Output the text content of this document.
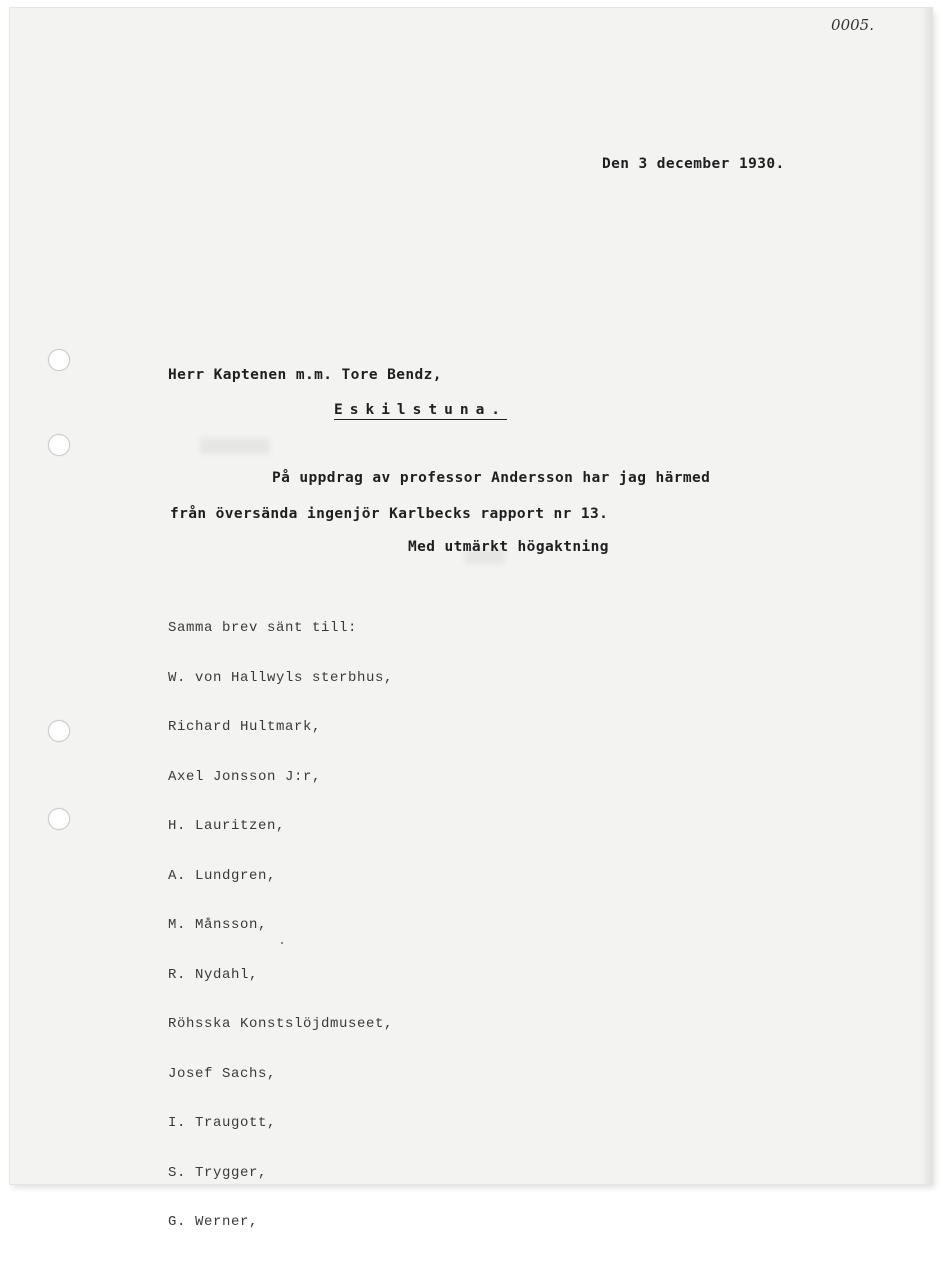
0005.
Den 3 december 1930.
Herr Kaptenen m.m. Tore Bendz,
Eskilstuna.
På uppdrag av professor Andersson har jag härmed
från översända ingenjör Karlbecks rapport nr 13.
Med utmärkt högaktning

Samma brev sänt till:

W. von Hallwyls sterbhus,

Richard Hultmark,

Axel Jonsson J:r,

H. Lauritzen,

A. Lundgren,

M. Månsson,

R. Nydahl,

Röhsska Konstslöjdmuseet,

Josef Sachs,

I. Traugott,

S. Trygger,

G. Werner,
